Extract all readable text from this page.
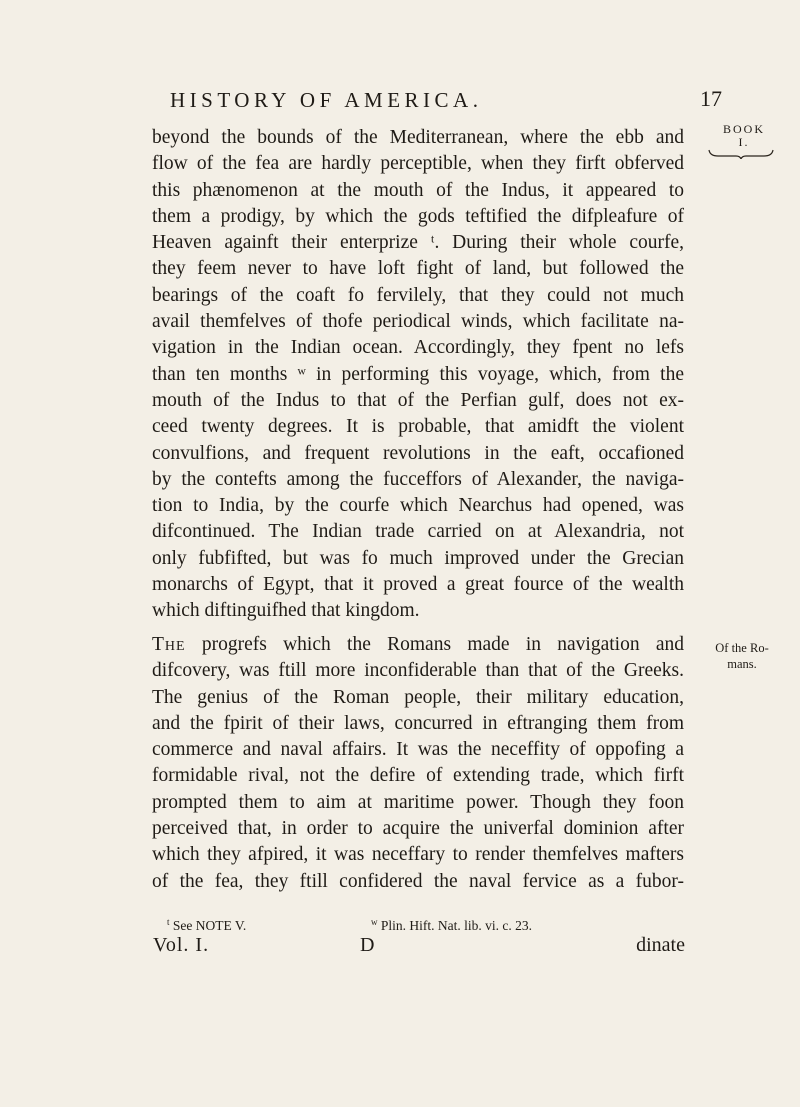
HISTORY OF AMERICA.	17
BOOK
I.

beyond the bounds of the Mediterranean, where the ebb and
flow of the fea are hardly perceptible, when they firft obferved
this phænomenon at the mouth of the Indus, it appeared to
them a prodigy, by which the gods teftified the difpleafure of
Heaven againft their enterprize ᵗ. During their whole courfe,
they feem never to have loft fight of land, but followed the
bearings of the coaft fo fervilely, that they could not much
avail themfelves of thofe periodical winds, which facilitate na-
vigation in the Indian ocean. Accordingly, they fpent no lefs
than ten months ʷ in performing this voyage, which, from the
mouth of the Indus to that of the Perfian gulf, does not ex-
ceed twenty degrees. It is probable, that amidft the violent
convulfions, and frequent revolutions in the eaft, occafioned
by the contefts among the fucceffors of Alexander, the naviga-
tion to India, by the courfe which Nearchus had opened, was
difcontinued. The Indian trade carried on at Alexandria, not
only fubfifted, but was fo much improved under the Grecian
monarchs of Egypt, that it proved a great fource of the wealth
which diftinguifhed that kingdom.

The progrefs which the Romans made in navigation and
difcovery, was ftill more inconfiderable than that of the Greeks.
The genius of the Roman people, their military education,
and the fpirit of their laws, concurred in eftranging them from
commerce and naval affairs. It was the neceffity of oppofing a
formidable rival, not the defire of extending trade, which firft
prompted them to aim at maritime power. Though they foon
perceived that, in order to acquire the univerfal dominion after
which they afpired, it was neceffary to render themfelves mafters
of the fea, they ftill confidered the naval fervice as a fubor-

Of the Ro-
mans.
$^t$ See NOTE V.	$^w$ Plin. Hift. Nat. lib. vi. c. 23.
Vol. I.	D	dinate
